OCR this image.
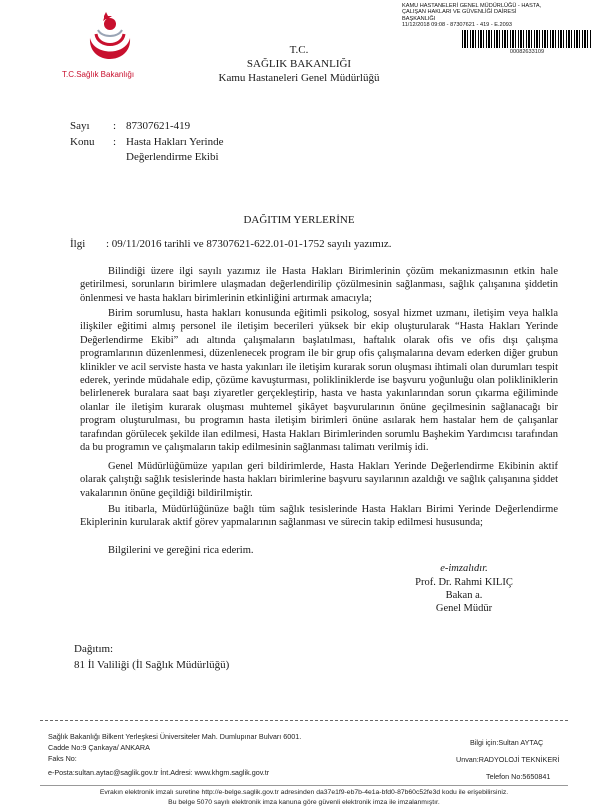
T.C.Sağlık Bakanlığı
KAMU HASTANELERİ GENEL MÜDÜRLÜĞÜ - HASTA,
ÇALIŞAN HAKLARI VE GÜVENLİĞİ DAİRESİ
BAŞKANLIĞI
11/12/2018 09:08 - 87307621 - 419 - E.2093
00082633109
T.C.
SAĞLIK BAKANLIĞI
Kamu Hastaneleri Genel Müdürlüğü
Sayı : 87307621-419
Konu : Hasta Hakları Yerinde
Değerlendirme Ekibi
DAĞITIM YERLERİNE
İlgi : 09/11/2016 tarihli ve 87307621-622.01-01-1752 sayılı yazımız.

Bilindiği üzere ilgi sayılı yazımız ile Hasta Hakları Birimlerinin çözüm mekanizmasının etkin hale getirilmesi, sorunların birimlere ulaşmadan değerlendirilip çözülmesinin sağlanması, sağlık çalışanına şiddetin önlenmesi ve hasta hakları birimlerinin etkinliğini artırmak amacıyla;

Birim sorumlusu, hasta hakları konusunda eğitimli psikolog, sosyal hizmet uzmanı, iletişim veya halkla ilişkiler eğitimi almış personel ile iletişim becerileri yüksek bir ekip oluşturularak “Hasta Hakları Yerinde Değerlendirme Ekibi” adı altında çalışmaların başlatılması, haftalık olarak ofis ve ofis dışı çalışma programlarının düzenlenmesi, düzenlenecek program ile bir grup ofis çalışmalarına devam ederken diğer grubun klinikler ve acil serviste hasta ve hasta yakınları ile iletişim kurarak sorun oluşması ihtimali olan durumları tespit ederek, yerinde müdahale edip, çözüme kavuşturması, polikliniklerde ise başvuru yoğunluğu olan polikliniklerin belirlenerek buralara saat başı ziyaretler gerçekleştirip, hasta ve hasta yakınlarından sorun çıkarma eğiliminde olanlar ile iletişim kurarak oluşması muhtemel şikâyet başvurularının önüne geçilmesinin sağlanacağı bir program oluşturulması, bu programın hasta iletişim birimleri önüne asılarak hem hastalar hem de çalışanlar tarafından görülecek şekilde ilan edilmesi, Hasta Hakları Birimlerinden sorumlu Başhekim Yardımcısı tarafından da bu programın ve çalışmaların takip edilmesinin sağlanması talimatı verilmiş idi.

Genel Müdürlüğümüze yapılan geri bildirimlerde, Hasta Hakları Yerinde Değerlendirme Ekibinin aktif olarak çalıştığı sağlık tesislerinde hasta hakları birimlerine başvuru sayılarının azaldığı ve sağlık çalışanına şiddet vakalarının önüne geçildiği bildirilmiştir.

Bu itibarla, Müdürlüğünüze bağlı tüm sağlık tesislerinde Hasta Hakları Birimi Yerinde Değerlendirme Ekiplerinin kurularak aktif görev yapmalarının sağlanması ve sürecin takip edilmesi hususunda;

Bilgilerini ve gereğini rica ederim.

e-imzalıdır.
Prof. Dr. Rahmi KILIÇ
Bakan a.
Genel Müdür
Dağıtım:
81 İl Valiliği (İl Sağlık Müdürlüğü)
Sağlık Bakanlığı Bilkent Yerleşkesi Üniversiteler Mah. Dumlupınar Bulvarı 6001.
Cadde No:9 Çankaya/ ANKARA
Faks No:
e-Posta:sultan.aytac@saglik.gov.tr İnt.Adresi: www.khgm.saglik.gov.tr
Bilgi için:Sultan AYTAÇ
Unvan:RADYOLOJİ TEKNİKERİ
Telefon No:5650841
Evrakın elektronik imzalı suretine http://e-belge.saglik.gov.tr adresinden da37e1f9-eb7b-4e1a-bfd0-87b60c52fe3d kodu ile erişebilirsiniz.
Bu belge 5070 sayılı elektronik imza kanuna göre güvenli elektronik imza ile imzalanmıştır.
